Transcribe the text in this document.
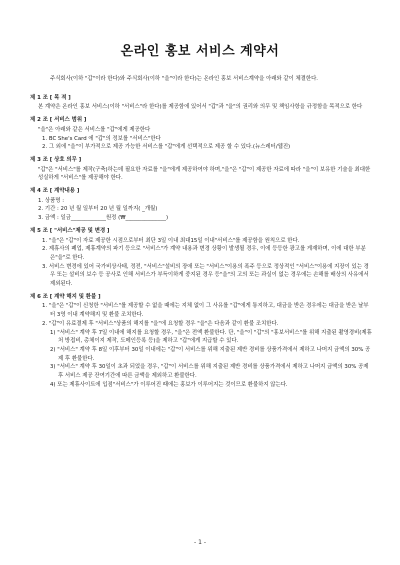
온라인 홍보 서비스 계약서

주식회사(이하 "갑"이라 한다)와 주식회사(이하 "을"이라 한다)는 온라인 홍보 서비스계약을 아래와 같이 체결한다.

제 1 조 [ 목 적 ]
본 계약은 온라인 홍보 서비스(이하 "서비스"라 한다)를 제공함에 있어서 "갑"과 "을"의 권리와 의무 및 책임사항을 규정함을 목적으로 한다
제 2 조 [ 서비스 범위 ]
"을"은 아래와 같은 서비스를 "갑"에게 제공한다
1. BC She's Card 에 "갑"의 정보를 "서비스"한다
2. 그 외에 "을"이 부가적으로 제공 가능한 서비스를 "갑"에게 선택적으로 제공 할 수 있다.(뉴스레터/웹진)
제 3 조 [ 상호 의무 ]
"갑"은 "서비스"를 제작(구축)하는데 필요한 자료를 "을"에게 제공하여야 하며,"을"은 "갑"이 제공한 자료에 따라 "을"이 보유한 기술을 최대한 성실하게 "서비스"를 제공해야 한다.
제 4 조 [ 계약내용 ]
1. 상품명 :
2. 기간 : 20 년 월 일부터 20 년 월 일까지( _개월)
3. 금액 : 일금_____________원정 (₩_______________)
제 5 조 [ "서비스"제공 및 변경 ]
1. "을"은 "갑"이 자료 제공한 시점으로부터 최단 3일 이내 최대15일 이내"서비스"를 제공함을 원칙으로 한다.
2. 제휴사의 폐업, 제휴계약의 파기 등으로 "서비스"가 계약 내용과 변경 상황이 발생될 경우, 이에 등등한 광고를 게재하며, 이에 대한 부분은"을"로 한다.
3. 서비스 변경에 있어 국가비상사태, 정전, "서비스"설비의 장애 또는 "서비스"이용의 폭주 등으로 정상적인 "서비스"이용에 지장이 있는 경우 또는 설비의 보수 등 공사로 인해 서비스가 부득이하게 중지된 경우 등"을"의 고의 또는 과실이 없는 경우에는 손해를 배상의 사유에서 제외된다.
제 6 조 [ 계약 해지 및 환불 ]
1. "을"은 "갑"이 신청한 "서비스"를 제공할 수 없을 때에는 지체 없이 그 사유를 "갑"에게 통지하고, 대금을 받은 경우에는 대금을 받은 날부터 3영 이내 계약해지 및 환불 조치한다.
2. "갑"이 유료결제 후 "서비스"상품의 해지를 "을"에 요청할 경우 "을"은 다음과 같이 환불 조치한다.
1) "서비스" 계약 후 7일 이내에 해지를 요청할 경우, "을"은 전액 환불한다. 단, "을"이 "갑"의 "홍보서비스"를 위해 지출된 촬영경비(제휴처 방접비, 총체이지 제작, 도메인등록 등)을 제하고 "갑"에게 지급할 수 있다.
2) "서비스" 계약 후 8일 이후부터 30일 이내에는 "갑"이 서비스를 위해 지출된 제반 경비를 상품가격에서 제하고 나머지 금액의 30% 공제 후 환불한다.
3) "서비스" 계약 후 30일이 초과 되었을 경우, "갑"이 서비스를 위해 지출된 제반 경비를 상품가격에서 제하고 나머지 금액의 30% 공제 후 서비스 제공 잔여기간에 따른 금액을 제외하고 환불한다.
4) 또는 제휴사이트에 입점"서비스"가 이루어진 때에는 홍보가 이루어지는 것이므로 환불하지 않는다.
- 1 -
